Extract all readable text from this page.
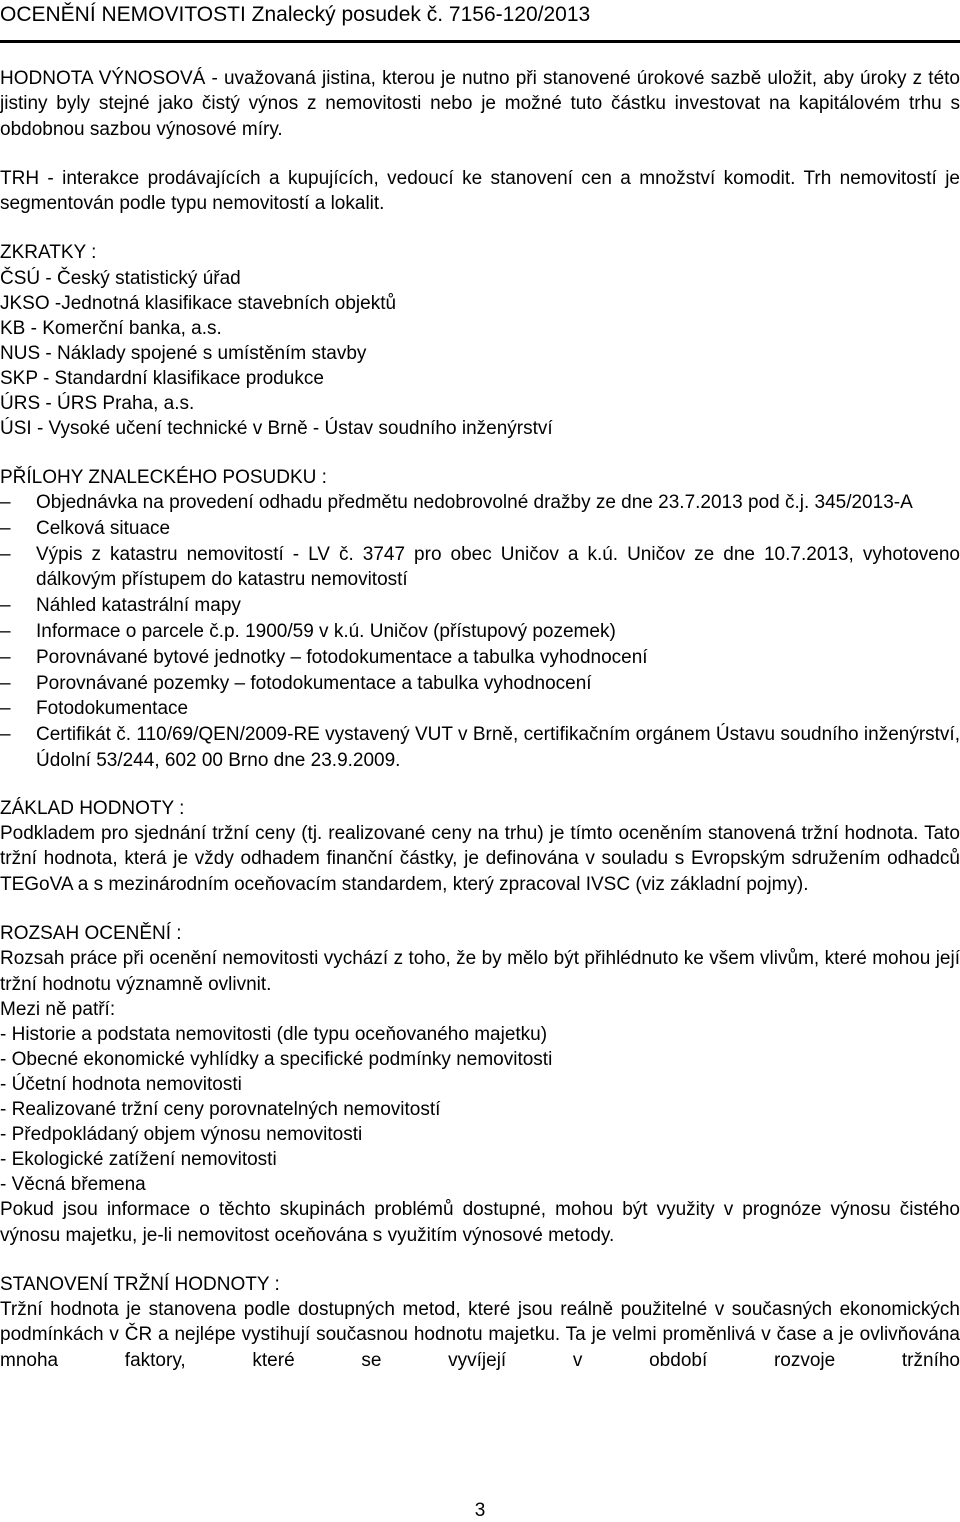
OCENĚNÍ NEMOVITOSTI Znalecký posudek č. 7156-120/2013

HODNOTA VÝNOSOVÁ - uvažovaná jistina, kterou je nutno při stanovené úrokové sazbě uložit, aby úroky z této jistiny byly stejné jako čistý výnos z nemovitosti nebo je možné tuto částku investovat na kapitálovém trhu s obdobnou sazbou výnosové míry.

TRH - interakce prodávajících a kupujících, vedoucí ke stanovení cen a množství komodit. Trh nemovitostí je segmentován podle typu nemovitostí a lokalit.

ZKRATKY :

ČSÚ - Český statistický úřad
JKSO -Jednotná klasifikace stavebních objektů
KB - Komerční banka, a.s.
NUS - Náklady spojené s umístěním stavby
SKP - Standardní klasifikace produkce
ÚRS - ÚRS Praha, a.s.
ÚSI - Vysoké učení technické v Brně - Ústav soudního inženýrství

PŘÍLOHY ZNALECKÉHO POSUDKU :

– Objednávka na provedení odhadu předmětu nedobrovolné dražby ze dne 23.7.2013 pod č.j. 345/2013-A
– Celková situace
– Výpis z katastru nemovitostí - LV č. 3747 pro obec Uničov a k.ú. Uničov ze dne 10.7.2013, vyhotoveno dálkovým přístupem do katastru nemovitostí
– Náhled katastrální mapy
– Informace o parcele č.p. 1900/59 v k.ú. Uničov (přístupový pozemek)
– Porovnávané bytové jednotky – fotodokumentace a tabulka vyhodnocení
– Porovnávané pozemky – fotodokumentace a tabulka vyhodnocení
– Fotodokumentace
– Certifikát č. 110/69/QEN/2009-RE vystavený VUT v Brně, certifikačním orgánem Ústavu soudního inženýrství, Údolní 53/244, 602 00 Brno dne 23.9.2009.

ZÁKLAD HODNOTY :

Podkladem pro sjednání tržní ceny (tj. realizované ceny na trhu) je tímto oceněním stanovená tržní hodnota. Tato tržní hodnota, která je vždy odhadem finanční částky, je definována v souladu s Evropským sdružením odhadců TEGoVA a s mezinárodním oceňovacím standardem, který zpracoval IVSC (viz základní pojmy).

ROZSAH OCENĚNÍ :

Rozsah práce při ocenění nemovitosti vychází z toho, že by mělo být přihlédnuto ke všem vlivům, které mohou její tržní hodnotu významně ovlivnit.

Mezi ně patří:

- Historie a podstata nemovitosti (dle typu oceňovaného majetku)
- Obecné ekonomické vyhlídky a specifické podmínky nemovitosti
- Účetní hodnota nemovitosti
- Realizované tržní ceny porovnatelných nemovitostí
- Předpokládaný objem výnosu nemovitosti
- Ekologické zatížení nemovitosti
- Věcná břemena

Pokud jsou informace o těchto skupinách problémů dostupné, mohou být využity v prognóze výnosu čistého výnosu majetku, je-li nemovitost oceňována s využitím výnosové metody.

STANOVENÍ TRŽNÍ HODNOTY :

Tržní hodnota je stanovena podle dostupných metod, které jsou reálně použitelné v současných ekonomických podmínkách v ČR a nejlépe vystihují současnou hodnotu majetku. Ta je velmi proměnlivá v čase a je ovlivňována mnoha faktory, které se vyvíjejí v období rozvoje tržního

3
